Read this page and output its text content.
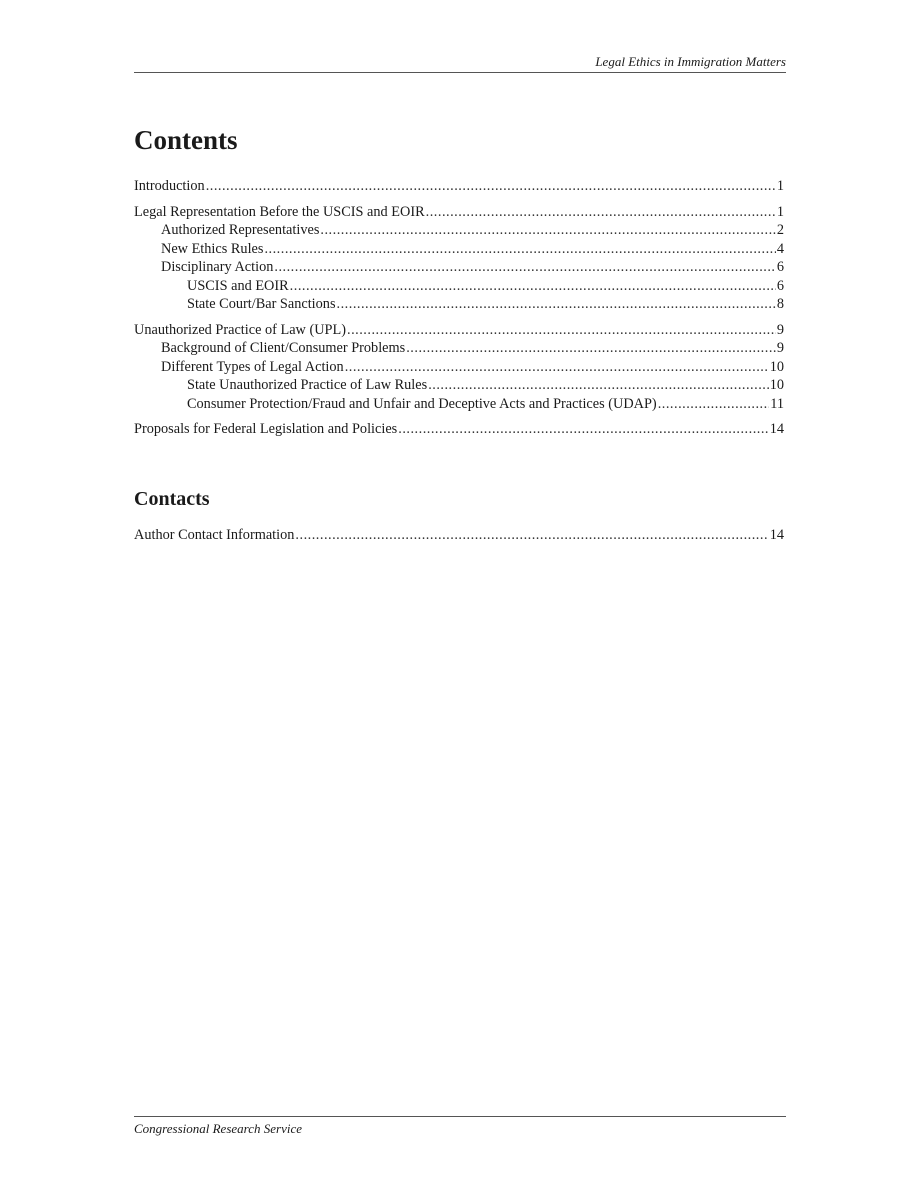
Legal Ethics in Immigration Matters
Contents
Introduction .....	1
Legal Representation Before the USCIS and EOIR .....	1
Authorized Representatives .....	2
New Ethics Rules .....	4
Disciplinary Action .....	6
USCIS and EOIR .....	6
State Court/Bar Sanctions .....	8
Unauthorized Practice of Law (UPL) .....	9
Background of Client/Consumer Problems .....	9
Different Types of Legal Action .....	10
State Unauthorized Practice of Law Rules .....	10
Consumer Protection/Fraud and Unfair and Deceptive Acts and Practices (UDAP) .....	11
Proposals for Federal Legislation and Policies .....	14
Contacts
Author Contact Information .....	14
Congressional Research Service
